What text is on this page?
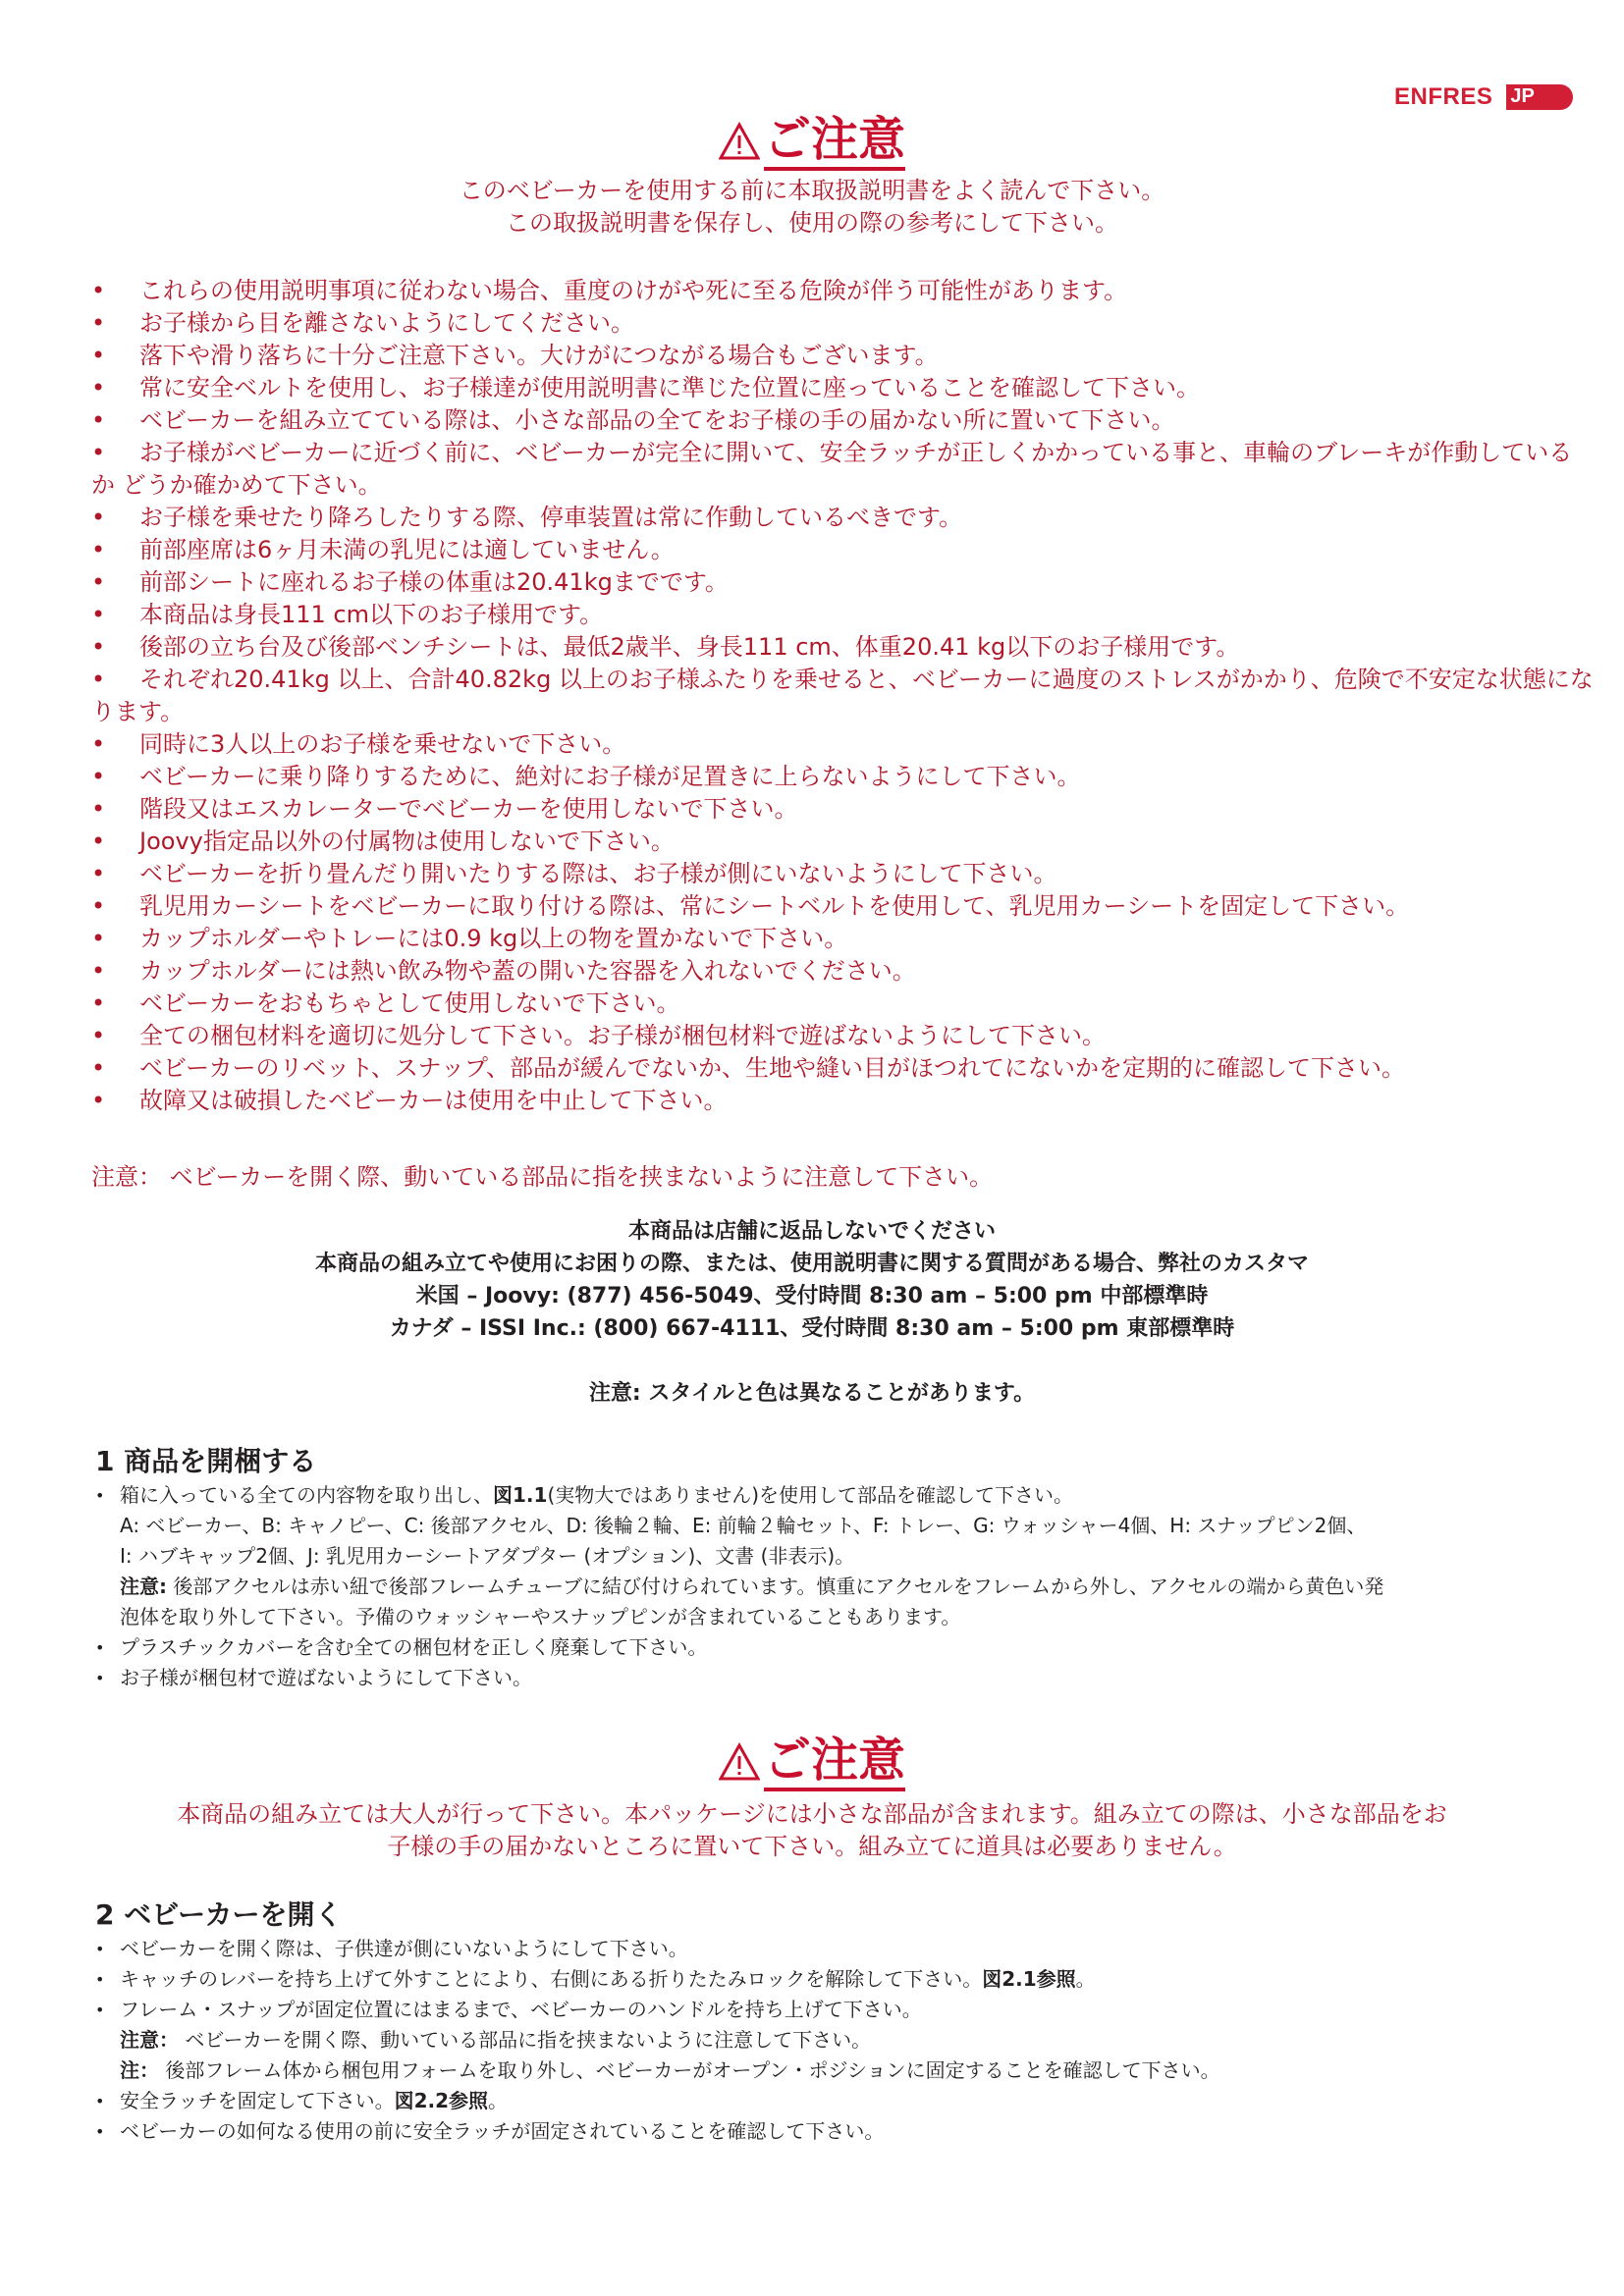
ENFRES JP
ご注意
このベビーカーを使用する前に本取扱説明書をよく読んで下さい。
この取扱説明書を保存し、使用の際の参考にして下さい。
• これらの使用説明事項に従わない場合、重度のけがや死に至る危険が伴う可能性があります。
• お子様から目を離さないようにしてください。
• 落下や滑り落ちに十分ご注意下さい。大けがにつながる場合もございます。
• 常に安全ベルトを使用し、お子様達が使用説明書に準じた位置に座っていることを確認して下さい。
• ベビーカーを組み立てている際は、小さな部品の全てをお子様の手の届かない所に置いて下さい。
• お子様がベビーカーに近づく前に、ベビーカーが完全に開いて、安全ラッチが正しくかかっている事と、車輪のブレーキが作動しているか どうか確かめて下さい。
• お子様を乗せたり降ろしたりする際、停車装置は常に作動しているべきです。
• 前部座席は6ヶ月未満の乳児には適していません。
• 前部シートに座れるお子様の体重は20.41kgまでです。
• 本商品は身長111 cm以下のお子様用です。
• 後部の立ち台及び後部ベンチシートは、最低2歳半、身長111 cm、体重20.41 kg以下のお子様用です。
• それぞれ20.41kg 以上、合計40.82kg 以上のお子様ふたりを乗せると、ベビーカーに過度のストレスがかかり、危険で不安定な状態になります。
• 同時に3人以上のお子様を乗せないで下さい。
• ベビーカーに乗り降りするために、絶対にお子様が足置きに上らないようにして下さい。
• 階段又はエスカレーターでベビーカーを使用しないで下さい。
• Joovy指定品以外の付属物は使用しないで下さい。
• ベビーカーを折り畳んだり開いたりする際は、お子様が側にいないようにして下さい。
• 乳児用カーシートをベビーカーに取り付ける際は、常にシートベルトを使用して、乳児用カーシートを固定して下さい。
• カップホルダーやトレーには0.9 kg以上の物を置かないで下さい。
• カップホルダーには熱い飲み物や蓋の開いた容器を入れないでください。
• ベビーカーをおもちゃとして使用しないで下さい。
• 全ての梱包材料を適切に処分して下さい。お子様が梱包材料で遊ばないようにして下さい。
• ベビーカーのリベット、スナップ、部品が緩んでないか、生地や縫い目がほつれてにないかを定期的に確認して下さい。
• 故障又は破損したベビーカーは使用を中止して下さい。
注意： ベビーカーを開く際、動いている部品に指を挟まないように注意して下さい。
本商品は店舗に返品しないでください
本商品の組み立てや使用にお困りの際、または、使用説明書に関する質問がある場合、弊社のカスタマ
米国 – Joovy: (877) 456-5049、受付時間 8:30 am – 5:00 pm 中部標準時
カナダ – ISSI Inc.: (800) 667-4111、受付時間 8:30 am – 5:00 pm 東部標準時
注意: スタイルと色は異なることがあります。
1 商品を開梱する
• 箱に入っている全ての内容物を取り出し、図1.1(実物大ではありません)を使用して部品を確認して下さい。
A: ベビーカー、B: キャノピー、C: 後部アクセル、D: 後輪２輪、E: 前輪２輪セット、F: トレー、G: ウォッシャー4個、H: スナップピン2個、
I: ハブキャップ2個、J: 乳児用カーシートアダプター (オプション)、文書 (非表示)。
注意: 後部アクセルは赤い紐で後部フレームチューブに結び付けられています。慎重にアクセルをフレームから外し、アクセルの端から黄色い発
泡体を取り外して下さい。予備のウォッシャーやスナップピンが含まれていることもあります。
• プラスチックカバーを含む全ての梱包材を正しく廃棄して下さい。
• お子様が梱包材で遊ばないようにして下さい。
ご注意
本商品の組み立ては大人が行って下さい。本パッケージには小さな部品が含まれます。組み立ての際は、小さな部品をお
子様の手の届かないところに置いて下さい。組み立てに道具は必要ありません。
2 ベビーカーを開く
• ベビーカーを開く際は、子供達が側にいないようにして下さい。
• キャッチのレバーを持ち上げて外すことにより、右側にある折りたたみロックを解除して下さい。図2.1参照。
• フレーム・スナップが固定位置にはまるまで、ベビーカーのハンドルを持ち上げて下さい。
注意： ベビーカーを開く際、動いている部品に指を挟まないように注意して下さい。
注： 後部フレーム体から梱包用フォームを取り外し、ベビーカーがオープン・ポジションに固定することを確認して下さい。
• 安全ラッチを固定して下さい。図2.2参照。
• ベビーカーの如何なる使用の前に安全ラッチが固定されていることを確認して下さい。
